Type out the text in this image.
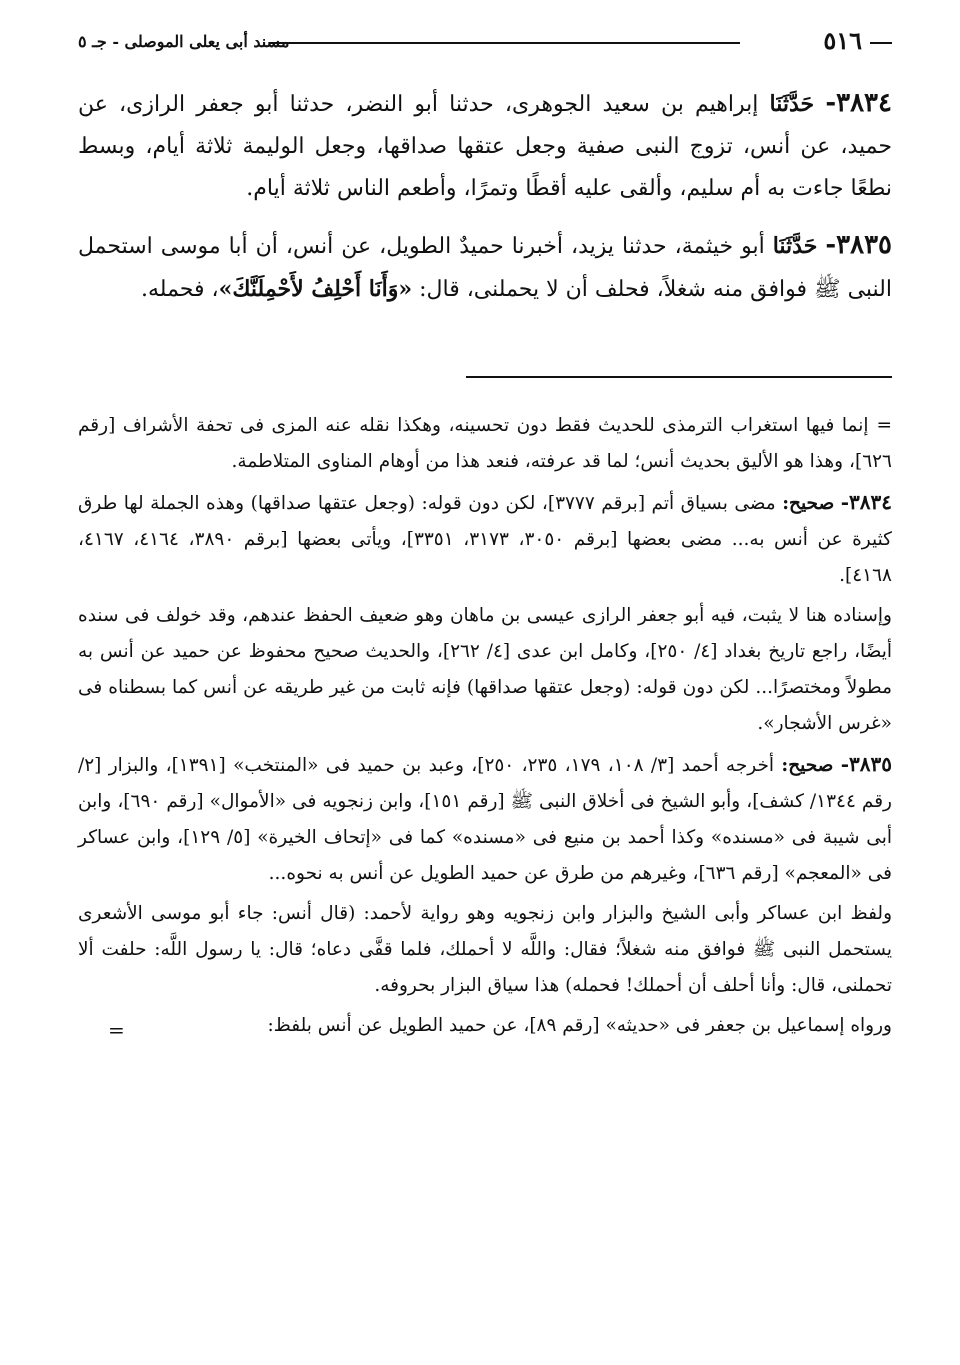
مسند أبى يعلى الموصلى - جـ ٥	٥١٦

٣٨٣٤- حَدَّثَنَا إبراهيم بن سعيد الجوهرى، حدثنا أبو النضر، حدثنا أبو جعفر الرازى، عن حميد، عن أنس، تزوج النبى صفية وجعل عتقها صداقها، وجعل الوليمة ثلاثة أيام، وبسط نطعًا جاءت به أم سليم، وألقى عليه أقطًا وتمرًا، وأطعم الناس ثلاثة أيام.

٣٨٣٥- حَدَّثَنَا أبو خيثمة، حدثنا يزيد، أخبرنا حميدٌ الطويل، عن أنس، أن أبا موسى استحمل النبى ﷺ فوافق منه شغلاً، فحلف أن لا يحملنى، قال: «وَأَنَا أَحْلِفُ لأَحْمِلَنَّكَ»، فحمله.

=إنما فيها استغراب الترمذى للحديث فقط دون تحسينه، وهكذا نقله عنه المزى فى تحفة الأشراف [رقم ٦٢٦]، وهذا هو الأليق بحديث أنس؛ لما قد عرفته، فنعد هذا من أوهام المناوى المتلاطمة.

٣٨٣٤- صحيح: مضى بسياق أتم [برقم ٣٧٧٧]، لكن دون قوله: (وجعل عتقها صداقها) وهذه الجملة لها طرق كثيرة عن أنس به... مضى بعضها [برقم ٣٠٥٠، ٣١٧٣، ٣٣٥١]، ويأتى بعضها [برقم ٣٨٩٠، ٤١٦٤، ٤١٦٧، ٤١٦٨].

وإسناده هنا لا يثبت، فيه أبو جعفر الرازى عيسى بن ماهان وهو ضعيف الحفظ عندهم، وقد خولف فى سنده أيضًا، راجع تاريخ بغداد [٤/ ٢٥٠]، وكامل ابن عدى [٤/ ٢٦٢]، والحديث صحيح محفوظ عن حميد عن أنس به مطولاً ومختصرًا... لكن دون قوله: (وجعل عتقها صداقها) فإنه ثابت من غير طريقه عن أنس كما بسطناه فى «غرس الأشجار».

٣٨٣٥- صحيح: أخرجه أحمد [٣/ ١٠٨، ١٧٩، ٢٣٥، ٢٥٠]، وعبد بن حميد فى «المنتخب» [١٣٩١]، والبزار [٢/ رقم ١٣٤٤/ كشف]، وأبو الشيخ فى أخلاق النبى ﷺ [رقم ١٥١]، وابن زنجويه فى «الأموال» [رقم ٦٩٠]، وابن أبى شيبة فى «مسنده» وكذا أحمد بن منيع فى «مسنده» كما فى «إتحاف الخيرة» [٥/ ١٢٩]، وابن عساكر فى «المعجم» [رقم ٦٣٦]، وغيرهم من طرق عن حميد الطويل عن أنس به نحوه...

ولفظ ابن عساكر وأبى الشيخ والبزار وابن زنجويه وهو رواية لأحمد: (قال أنس: جاء أبو موسى الأشعرى يستحمل النبى ﷺ فوافق منه شغلاً؛ فقال: واللَّه لا أحملك، فلما قفَّى دعاه؛ قال: يا رسول اللَّه: حلفت ألا تحملنى، قال: وأنا أحلف أن أحملك! فحمله) هذا سياق البزار بحروفه.

ورواه إسماعيل بن جعفر فى «حديثه» [رقم ٨٩]، عن حميد الطويل عن أنس بلفظ:
=
